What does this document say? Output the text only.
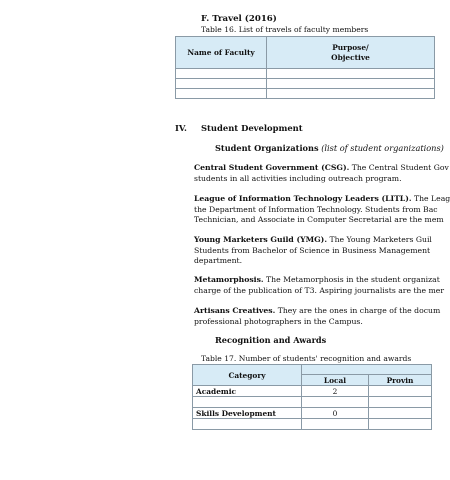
F. Travel (2016)
Table 16. List of travels of faculty members
Name of Faculty	Purpose/
Objective

IV. Student Development
Student Organizations (list of student organizations)
Central Student Government (CSG). The Central Student Gov
students in all activities including outreach program.
League of Information Technology Leaders (LITL). The Leag
the Department of Information Technology. Students from Bac
Technician, and Associate in Computer Secretarial are the mem
Young Marketers Guild (YMG). The Young Marketers Guil
Students from Bachelor of Science in Business Management
department.
Metamorphosis. The Metamorphosis in the student organizat
charge of the publication of T3. Aspiring journalists are the mer
Artisans Creatives. They are the ones in charge of the docum
professional photographers in the Campus.
Recognition and Awards
Table 17. Number of students' recognition and awards
Category		
	Local	Provin
Academic	2	

Skills Development	0	
